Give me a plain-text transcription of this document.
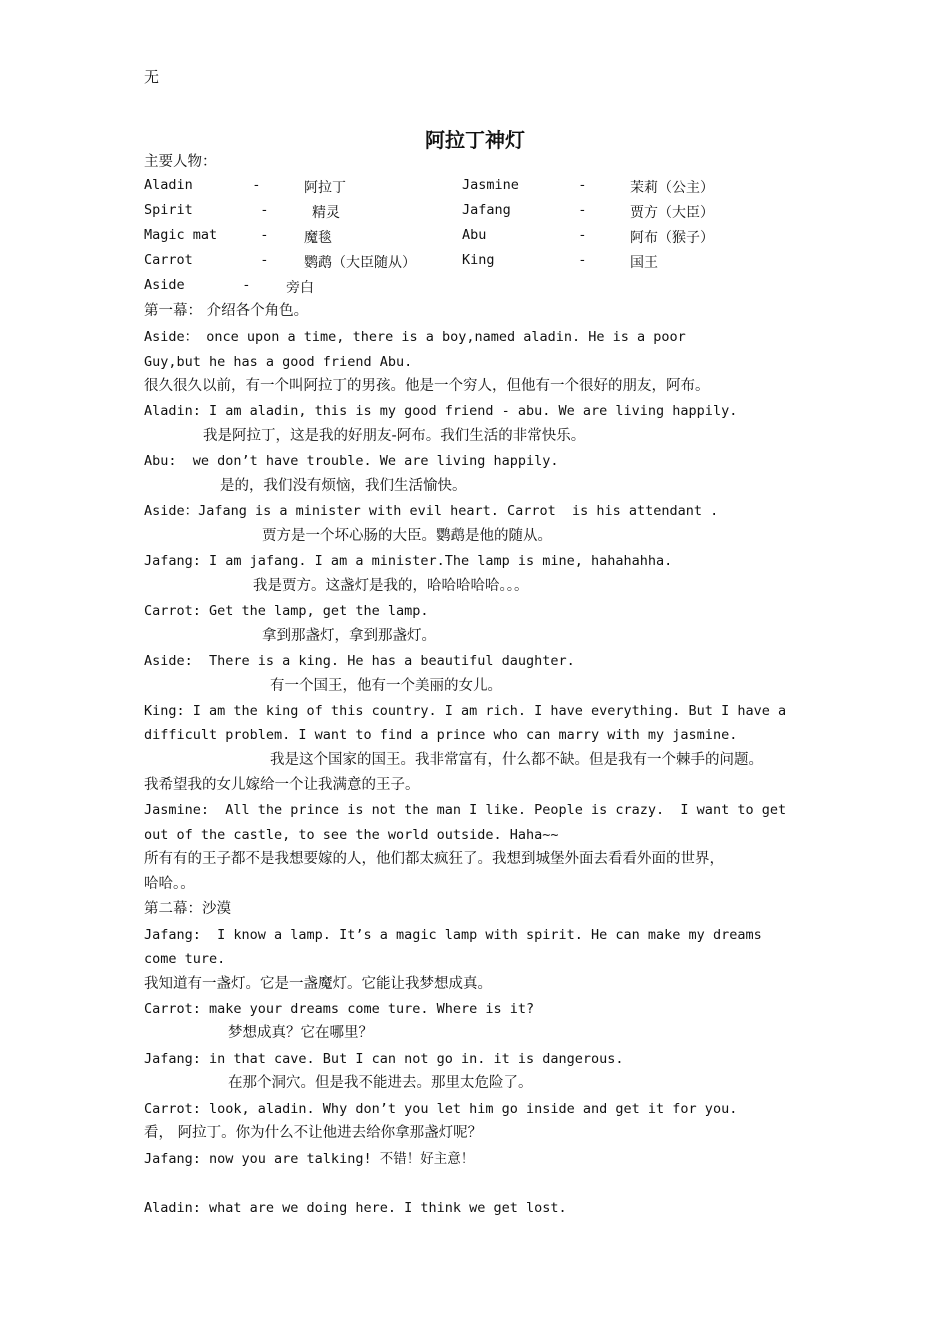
无
阿拉丁神灯
主要人物：
Aladin	-	阿拉丁	Jasmine	-	茉莉（公主）
Spirit	-	精灵	Jafang	-	贾方（大臣）
Magic mat	-	魔毯	Abu	-	阿布（猴子）
Carrot	-	鹦鹉（大臣随从）	King	-	国王
Aside	-	旁白
第一幕： 介绍各个角色。
Aside： once upon a time, there is a boy,named aladin. He is a poor
Guy,but he has a good friend Abu.
很久很久以前，有一个叫阿拉丁的男孩。他是一个穷人，但他有一个很好的朋友，阿布。
Aladin: I am aladin, this is my good friend - abu. We are living happily.
我是阿拉丁，这是我的好朋友-阿布。我们生活的非常快乐。
Abu:  we don’t have trouble. We are living happily.
是的，我们没有烦恼，我们生活愉快。
Aside：Jafang is a minister with evil heart. Carrot  is his attendant .
贾方是一个坏心肠的大臣。鹦鹉是他的随从。
Jafang: I am jafang. I am a minister.The lamp is mine, hahahahha.
我是贾方。这盏灯是我的，哈哈哈哈哈。。。
Carrot: Get the lamp, get the lamp.
拿到那盏灯，拿到那盏灯。
Aside:  There is a king. He has a beautiful daughter.
有一个国王，他有一个美丽的女儿。
King: I am the king of this country. I am rich. I have everything. But I have a
difficult problem. I want to find a prince who can marry with my jasmine.
我是这个国家的国王。我非常富有，什么都不缺。但是我有一个棘手的问题。
我希望我的女儿嫁给一个让我满意的王子。
Jasmine:  All the prince is not the man I like. People is crazy.  I want to get
out of the castle, to see the world outside. Haha~~
所有有的王子都不是我想要嫁的人，他们都太疯狂了。我想到城堡外面去看看外面的世界，
哈哈。。
第二幕：沙漠
Jafang:  I know a lamp. It’s a magic lamp with spirit. He can make my dreams
come ture.
我知道有一盏灯。它是一盏魔灯。它能让我梦想成真。
Carrot: make your dreams come ture. Where is it?
梦想成真？它在哪里？
Jafang: in that cave. But I can not go in. it is dangerous.
在那个洞穴。但是我不能进去。那里太危险了。
Carrot: look, aladin. Why don’t you let him go inside and get it for you.
看， 阿拉丁。你为什么不让他进去给你拿那盏灯呢？
Jafang: now you are talking! 不错！好主意！
Aladin: what are we doing here. I think we get lost.
